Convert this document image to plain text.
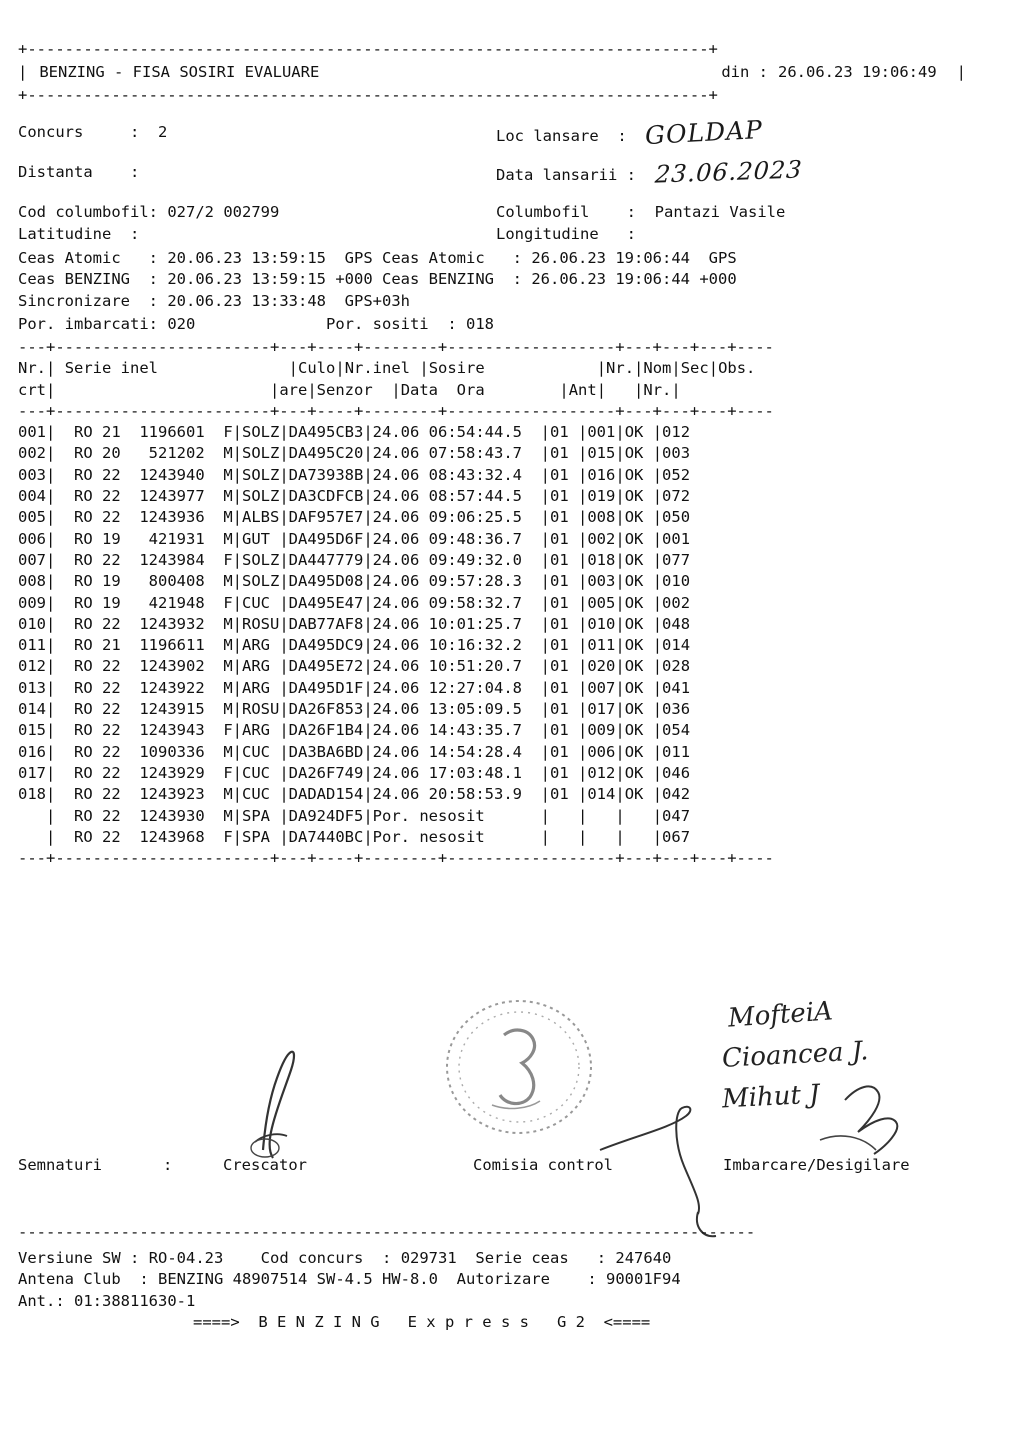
+-------------------------------------------------------------------------+
| BENZING - FISA SOSIRI EVALUARE	din : 26.06.23 19:06:49 |
+-------------------------------------------------------------------------+
Concurs	: 2	Loc lansare : GOLDAP
Distanta :	Data lansarii : 23.06.2023
Cod columbofil: 027/2 002799	Columbofil : Pantazi Vasile
Latitudine :	Longitudine :
Ceas Atomic : 20.06.23 13:59:15 GPS Ceas Atomic : 26.06.23 19:06:44 GPS
Ceas BENZING : 20.06.23 13:59:15 +000 Ceas BENZING : 26.06.23 19:06:44 +000
Sincronizare : 20.06.23 13:33:48 GPS+03h
Por. imbarcati: 020	Por. sositi : 018
---+-----------------------+---+----+--------+------------------+---+---+---+----
Nr.| Serie inel	|Culo|Nr.inel |Sosire	|Nr.|Nom|Sec|Obs.
crt|	|are|Senzor |Data  Ora	|Ant|   |Nr.|
---+-----------------------+---+----+--------+------------------+---+---+---+----
001|  RO 21  1196601  F|SOLZ|DA495CB3|24.06 06:54:44.5  |01 |001|OK |012
002|  RO 20   521202  M|SOLZ|DA495C20|24.06 07:58:43.7  |01 |015|OK |003
003|  RO 22  1243940  M|SOLZ|DA73938B|24.06 08:43:32.4  |01 |016|OK |052
004|  RO 22  1243977  M|SOLZ|DA3CDFCB|24.06 08:57:44.5  |01 |019|OK |072
005|  RO 22  1243936  M|ALBS|DAF957E7|24.06 09:06:25.5  |01 |008|OK |050
006|  RO 19   421931  M|GUT |DA495D6F|24.06 09:48:36.7  |01 |002|OK |001
007|  RO 22  1243984  F|SOLZ|DA447779|24.06 09:49:32.0  |01 |018|OK |077
008|  RO 19   800408  M|SOLZ|DA495D08|24.06 09:57:28.3  |01 |003|OK |010
009|  RO 19   421948  F|CUC |DA495E47|24.06 09:58:32.7  |01 |005|OK |002
010|  RO 22  1243932  M|ROSU|DAB77AF8|24.06 10:01:25.7  |01 |010|OK |048
011|  RO 21  1196611  M|ARG |DA495DC9|24.06 10:16:32.2  |01 |011|OK |014
012|  RO 22  1243902  M|ARG |DA495E72|24.06 10:51:20.7  |01 |020|OK |028
013|  RO 22  1243922  M|ARG |DA495D1F|24.06 12:27:04.8  |01 |007|OK |041
014|  RO 22  1243915  M|ROSU|DA26F853|24.06 13:05:09.5  |01 |017|OK |036
015|  RO 22  1243943  F|ARG |DA26F1B4|24.06 14:43:35.7  |01 |009|OK |054
016|  RO 22  1090336  M|CUC |DA3BA6BD|24.06 14:54:28.4  |01 |006|OK |011
017|  RO 22  1243929  F|CUC |DA26F749|24.06 17:03:48.1  |01 |012|OK |046
018|  RO 22  1243923  M|CUC |DADAD154|24.06 20:58:53.9  |01 |014|OK |042
|  RO 22  1243930  M|SPA |DA924DF5|Por. nesosit      | | | |047
|  RO 22  1243968  F|SPA |DA7440BC|Por. nesosit      | | | |067
---+-----------------------+---+----+--------+------------------+---+---+---+----
MofteiA
Cioancea J.
Mihut J
Semnaturi	:	Crescator	Comisia control	Imbarcare/Desigilare
-------------------------------------------------------------------------------
Versiune SW : RO-04.23 Cod concurs : 029731 Serie ceas : 247640
Antena Club : BENZING 48907514 SW-4.5 HW-8.0 Autorizare : 90001F94
Ant.: 01:38811630-1
====>  B E N Z I N G   E x p r e s s   G 2  <====
